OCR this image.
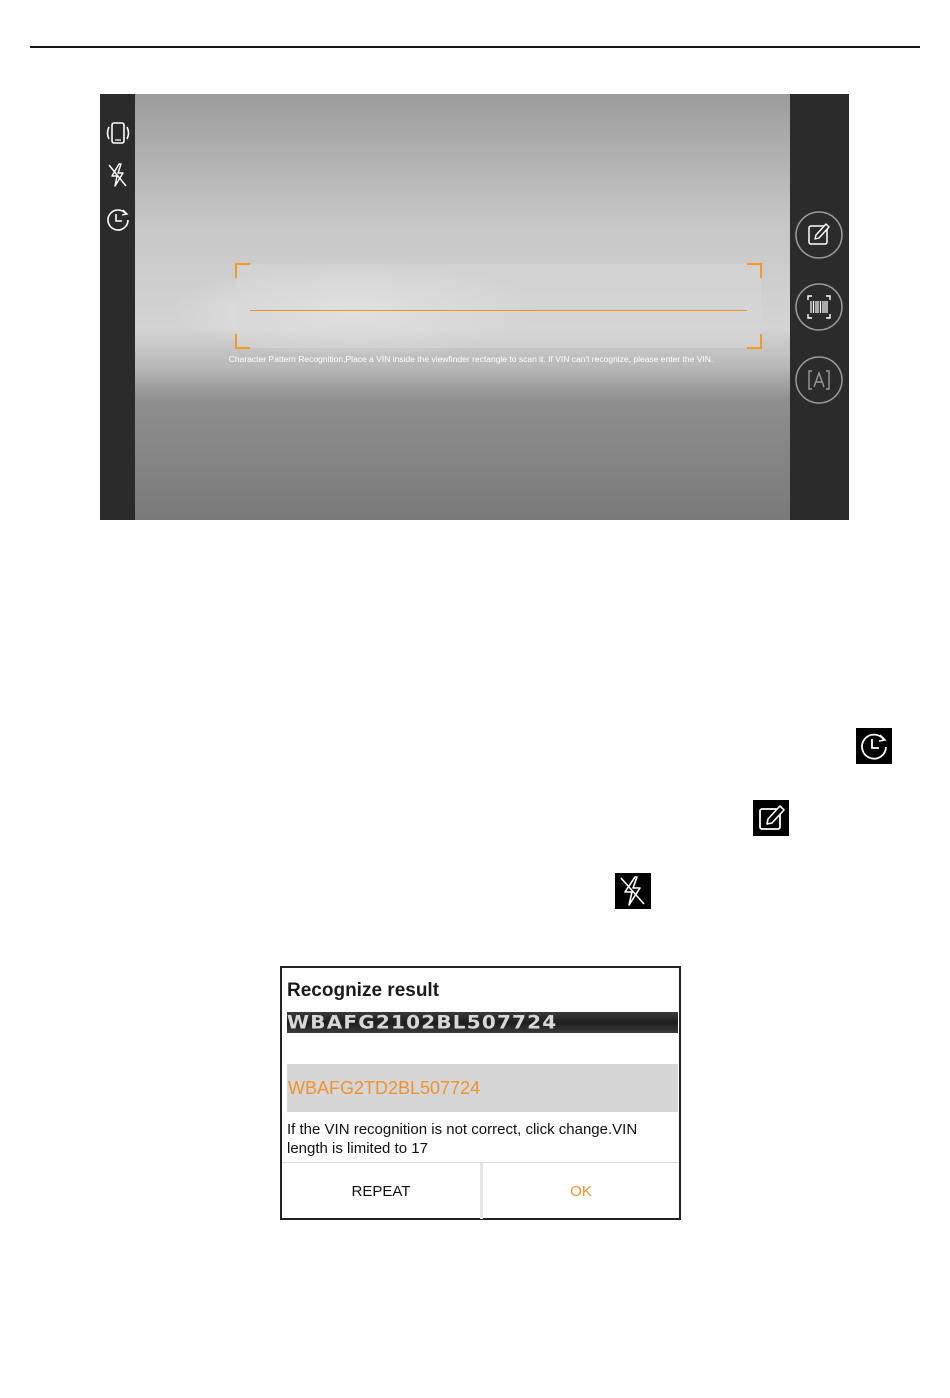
Character Pattern Recognition,Place a VIN inside the viewfinder rectangle to scan it. If VIN can't recognize, please enter the VIN.
Recognize result
WBAFG2102BL507724
WBAFG2TD2BL507724
If the VIN recognition is not correct, click change.VIN length is limited to 17
REPEAT	OK
